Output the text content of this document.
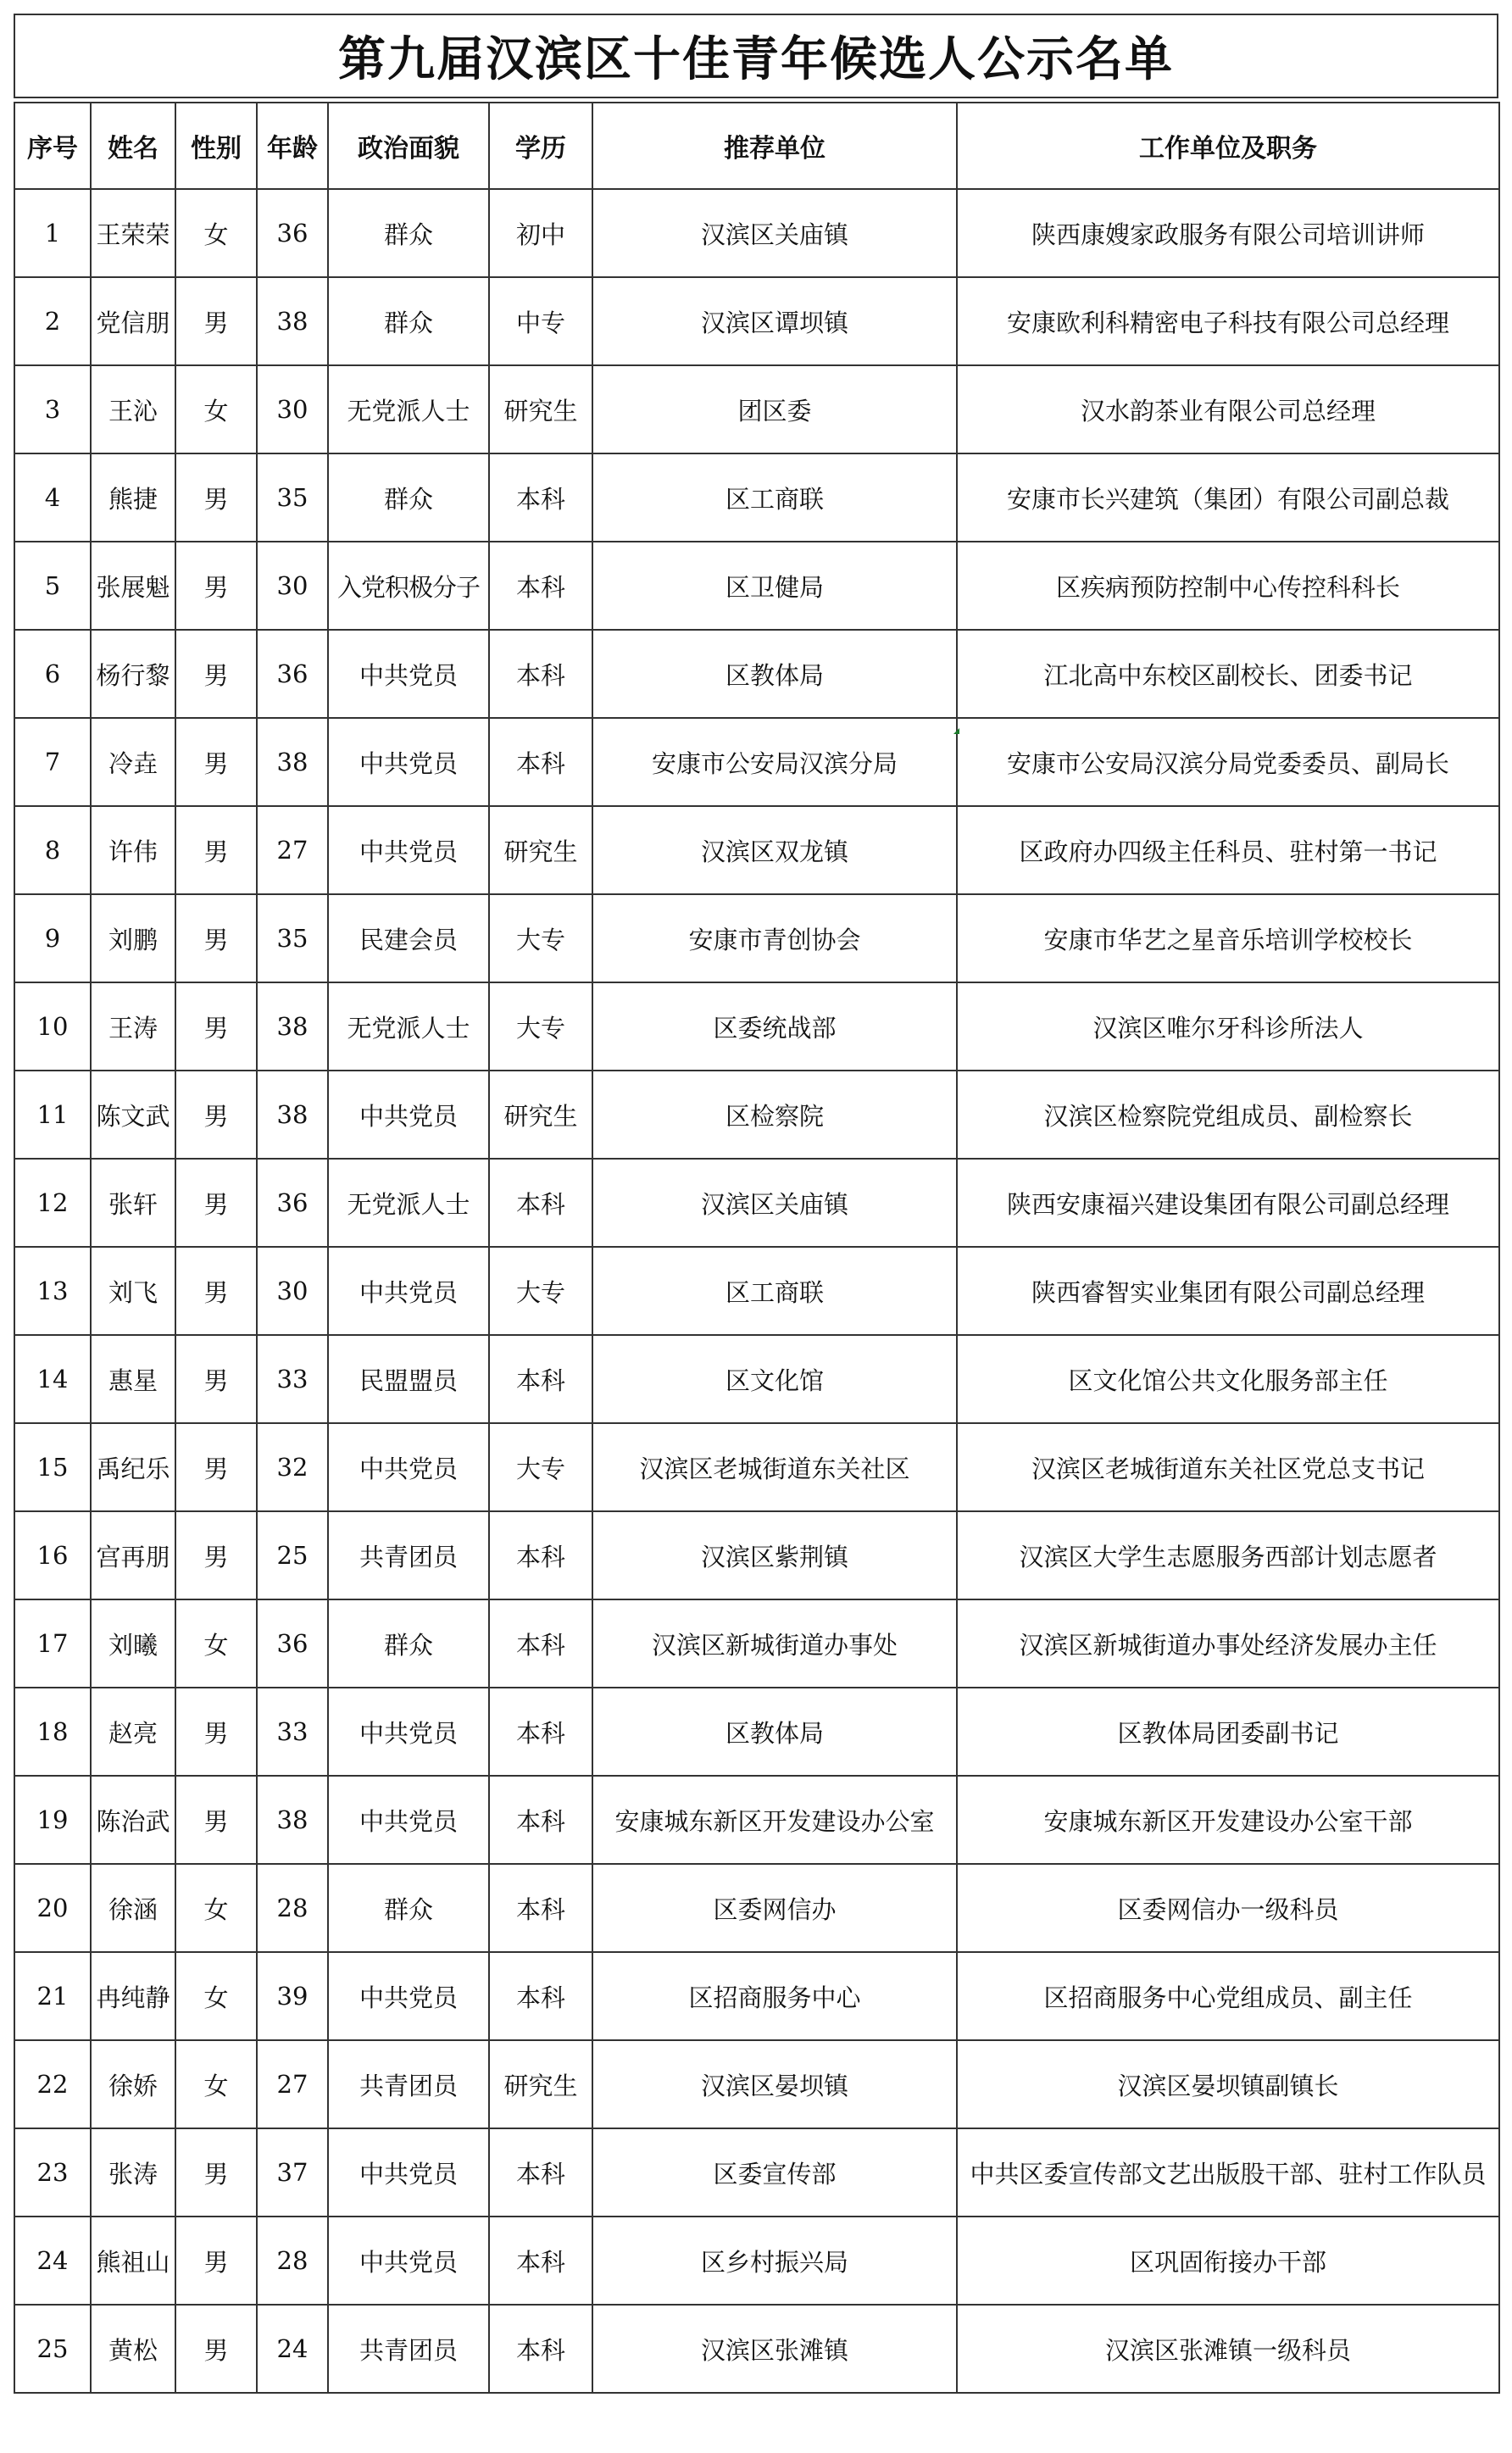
第九届汉滨区十佳青年候选人公示名单
序号	姓名	性别	年龄	政治面貌	学历	推荐单位	工作单位及职务
1	王荣荣	女	36	群众	初中	汉滨区关庙镇	陕西康嫂家政服务有限公司培训讲师
2	党信朋	男	38	群众	中专	汉滨区谭坝镇	安康欧利科精密电子科技有限公司总经理
3	王沁	女	30	无党派人士	研究生	团区委	汉水韵茶业有限公司总经理
4	熊捷	男	35	群众	本科	区工商联	安康市长兴建筑（集团）有限公司副总裁
5	张展魁	男	30	入党积极分子	本科	区卫健局	区疾病预防控制中心传控科科长
6	杨行黎	男	36	中共党员	本科	区教体局	江北高中东校区副校长、团委书记
7	冷垚	男	38	中共党员	本科	安康市公安局汉滨分局	安康市公安局汉滨分局党委委员、副局长
8	许伟	男	27	中共党员	研究生	汉滨区双龙镇	区政府办四级主任科员、驻村第一书记
9	刘鹏	男	35	民建会员	大专	安康市青创协会	安康市华艺之星音乐培训学校校长
10	王涛	男	38	无党派人士	大专	区委统战部	汉滨区唯尔牙科诊所法人
11	陈文武	男	38	中共党员	研究生	区检察院	汉滨区检察院党组成员、副检察长
12	张轩	男	36	无党派人士	本科	汉滨区关庙镇	陕西安康福兴建设集团有限公司副总经理
13	刘飞	男	30	中共党员	大专	区工商联	陕西睿智实业集团有限公司副总经理
14	惠星	男	33	民盟盟员	本科	区文化馆	区文化馆公共文化服务部主任
15	禹纪乐	男	32	中共党员	大专	汉滨区老城街道东关社区	汉滨区老城街道东关社区党总支书记
16	宫再朋	男	25	共青团员	本科	汉滨区紫荆镇	汉滨区大学生志愿服务西部计划志愿者
17	刘曦	女	36	群众	本科	汉滨区新城街道办事处	汉滨区新城街道办事处经济发展办主任
18	赵亮	男	33	中共党员	本科	区教体局	区教体局团委副书记
19	陈治武	男	38	中共党员	本科	安康城东新区开发建设办公室	安康城东新区开发建设办公室干部
20	徐涵	女	28	群众	本科	区委网信办	区委网信办一级科员
21	冉纯静	女	39	中共党员	本科	区招商服务中心	区招商服务中心党组成员、副主任
22	徐娇	女	27	共青团员	研究生	汉滨区晏坝镇	汉滨区晏坝镇副镇长
23	张涛	男	37	中共党员	本科	区委宣传部	中共区委宣传部文艺出版股干部、驻村工作队员
24	熊祖山	男	28	中共党员	本科	区乡村振兴局	区巩固衔接办干部
25	黄松	男	24	共青团员	本科	汉滨区张滩镇	汉滨区张滩镇一级科员
